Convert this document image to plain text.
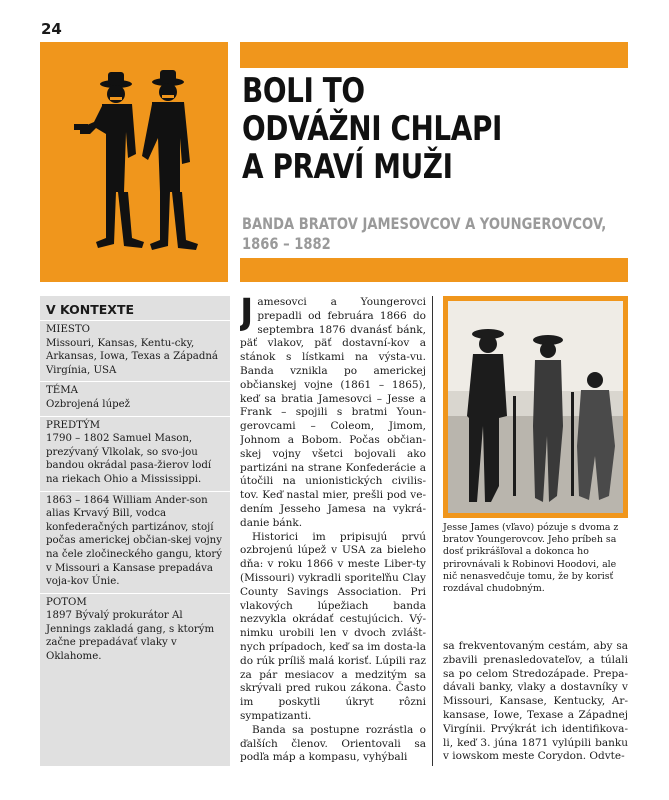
24
BOLI TO
ODVÁŽNI CHLAPI
A PRAVÍ MUŽI
BANDA BRATOV JAMESOVCOV A YOUNGEROVCOV,
1866 – 1882
V KONTEXTE
MIESTO
Missouri, Kansas, Kentu-cky, Arkansas, Iowa, Texas a Západná Virgínia, USA
TÉMA
Ozbrojená lúpež
PREDTÝM

1790 – 1802 Samuel Mason, prezývaný Vlkolak, so svo-jou bandou okrádal pasa-žierov lodí na riekach Ohio a Mississippi.

1863 – 1864 William Ander-son alias Krvavý Bill, vodca konfederačných partizánov, stojí počas americkej občian-skej vojny na čele zločineckého gangu, ktorý v Missouri a Kansase prepadáva voja-kov Únie.

POTOM
1897 Bývalý prokurátor Al Jennings zakladá gang, s ktorým začne prepadávať vlaky v Oklahome.

Jamesovci a Youngerovci prepadli od februára 1866 do septembra 1876 dvanásť bánk, päť vlakov, päť dostavní-kov a stánok s lístkami na výsta-vu. Banda vznikla po americkej občianskej vojne (1861 – 1865), keď sa bratia Jamesovci – Jesse a Frank – spojili s bratmi Youn-gerovcami – Coleom, Jimom, Johnom a Bobom. Počas občian-skej vojny všetci bojovali ako partizáni na strane Konfederácie a útočili na unionistických civilis-tov. Keď nastal mier, prešli pod ve-dením Jesseho Jamesa na vykrá-danie bánk.

Historici im pripisujú prvú ozbrojenú lúpež v USA za bieleho dňa: v roku 1866 v meste Liber-ty (Missouri) vykradli sporiteľňu Clay County Savings Association. Pri vlakových lúpežiach banda nezvykla okrádať cestujúcich. Vý-nimku urobili len v dvoch zvlášt-nych prípadoch, keď sa im dosta-la do rúk príliš malá korisť. Lúpili raz za pár mesiacov a medzitým sa skrývali pred rukou zákona. Často im poskytli úkryt rôzni sympatizanti.

Banda sa postupne rozrástla o ďalších členov. Orientovali sa podľa máp a kompasu, vyhýbali

Jesse James (vľavo) pózuje s dvoma z bratov Youngerovcov. Jeho príbeh sa dosť prikrášľoval a dokonca ho prirovnávali k Robinovi Hoodovi, ale nič nenasvedčuje tomu, že by korisť rozdával chudobným.

sa frekventovaným cestám, aby sa zbavili prenasledovateľov, a túlali sa po celom Stredozápade. Prepa-dávali banky, vlaky a dostavníky v Missouri, Kansase, Kentucky, Ar-kansase, Iowe, Texase a Západnej Virgínii. Prvýkrát ich identifikova-li, keď 3. júna 1871 vylúpili banku v iowskom meste Corydon. Odvte-
